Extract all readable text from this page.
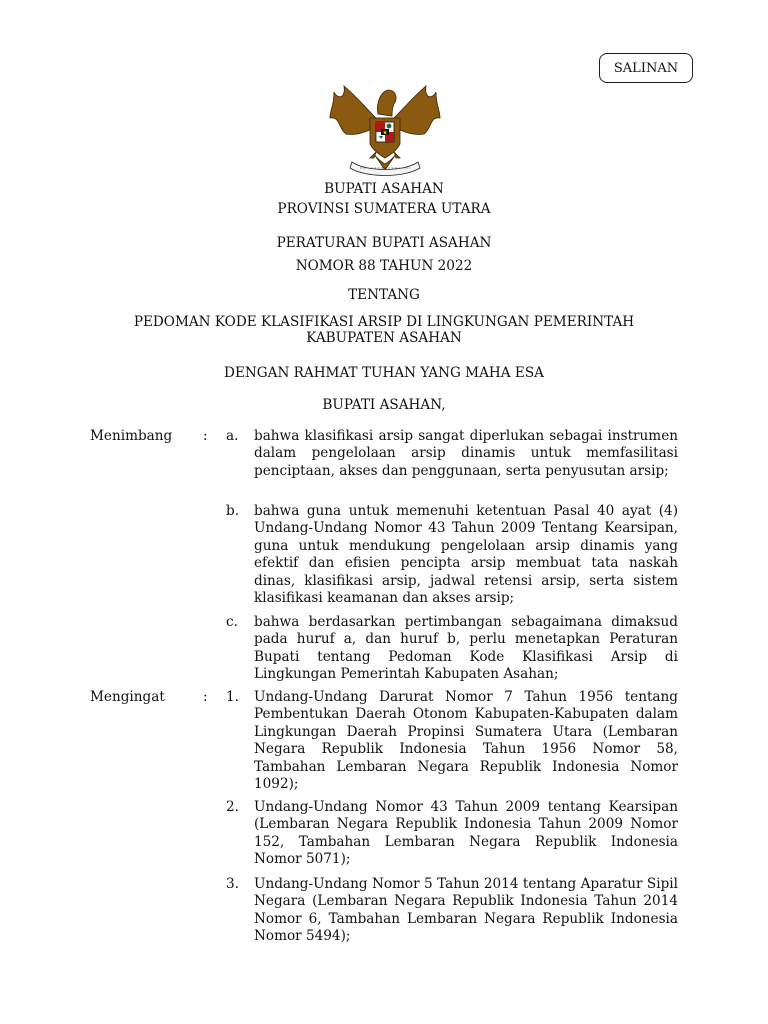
SALINAN
BUPATI ASAHAN
PROVINSI SUMATERA UTARA
PERATURAN BUPATI ASAHAN
NOMOR 88 TAHUN 2022
TENTANG
PEDOMAN KODE KLASIFIKASI ARSIP DI LINGKUNGAN PEMERINTAH
KABUPATEN ASAHAN
DENGAN RAHMAT TUHAN YANG MAHA ESA
BUPATI ASAHAN,
Menimbang : a. bahwa klasifikasi arsip sangat diperlukan sebagai instrumen dalam pengelolaan arsip dinamis untuk memfasilitasi penciptaan, akses dan penggunaan, serta penyusutan arsip;
b. bahwa guna untuk memenuhi ketentuan Pasal 40 ayat (4) Undang-Undang Nomor 43 Tahun 2009 Tentang Kearsipan, guna untuk mendukung pengelolaan arsip dinamis yang efektif dan efisien pencipta arsip membuat tata naskah dinas, klasifikasi arsip, jadwal retensi arsip, serta sistem klasifikasi keamanan dan akses arsip;
c. bahwa berdasarkan pertimbangan sebagaimana dimaksud pada huruf a, dan huruf b, perlu menetapkan Peraturan Bupati tentang Pedoman Kode Klasifikasi Arsip di Lingkungan Pemerintah Kabupaten Asahan;
Mengingat	: 1. Undang-Undang Darurat Nomor 7 Tahun 1956 tentang Pembentukan Daerah Otonom Kabupaten-Kabupaten dalam Lingkungan Daerah Propinsi Sumatera Utara (Lembaran Negara Republik Indonesia Tahun 1956 Nomor 58, Tambahan Lembaran Negara Republik Indonesia Nomor 1092);
2. Undang-Undang Nomor 43 Tahun 2009 tentang Kearsipan (Lembaran Negara Republik Indonesia Tahun 2009 Nomor 152, Tambahan Lembaran Negara Republik Indonesia Nomor 5071);
3. Undang-Undang Nomor 5 Tahun 2014 tentang Aparatur Sipil Negara (Lembaran Negara Republik Indonesia Tahun 2014 Nomor 6, Tambahan Lembaran Negara Republik Indonesia Nomor 5494);
